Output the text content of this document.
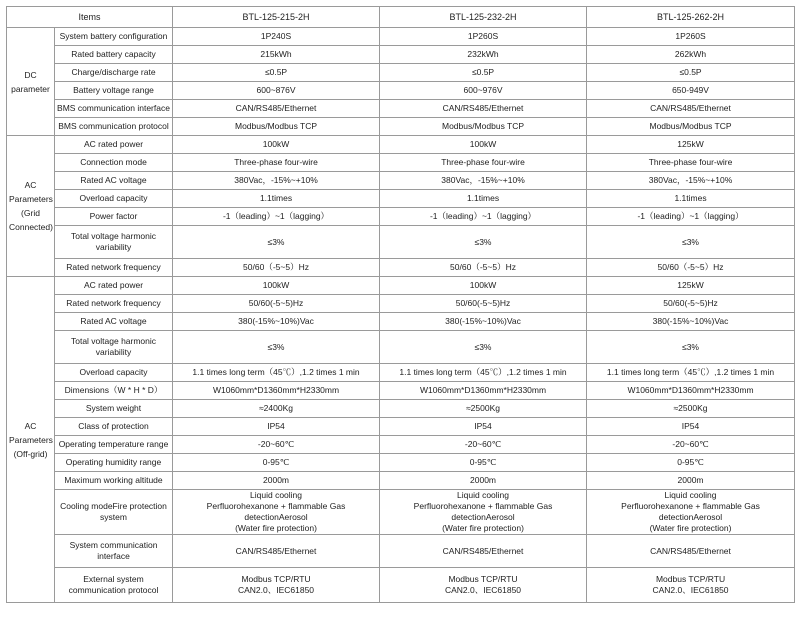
Items		BTL-125-215-2H	BTL-125-232-2H	BTL-125-262-2H

DC
parameter	System battery configuration	1P240S	1P260S	1P260S

	Rated battery capacity	215kWh	232kWh	262kWh

	Charge/discharge rate	≤0.5P	≤0.5P	≤0.5P

	Battery voltage range	600~876V	600~976V	650-949V

	BMS communication interface	CAN/RS485/Ethernet	CAN/RS485/Ethernet	CAN/RS485/Ethernet

	BMS communication protocol	Modbus/Modbus TCP	Modbus/Modbus TCP	Modbus/Modbus TCP

AC
Parameters
(Grid
Connected)	AC rated power	100kW	100kW	125kW

	Connection mode	Three-phase four-wire	Three-phase four-wire	Three-phase four-wire

	Rated AC voltage	380Vac，-15%~+10%	380Vac，-15%~+10%	380Vac，-15%~+10%

	Overload capacity	1.1times	1.1times	1.1times

	Power factor	-1（leading）~1（lagging）	-1（leading）~1（lagging）	-1（leading）~1（lagging）

	Total voltage harmonic
variability	≤3%	≤3%	≤3%

	Rated network frequency	50/60（-5~5）Hz	50/60（-5~5）Hz	50/60（-5~5）Hz

AC
Parameters
(Off-grid)	AC rated power	100kW	100kW	125kW

	Rated network frequency	50/60(-5~5)Hz	50/60(-5~5)Hz	50/60(-5~5)Hz

	Rated AC voltage	380(-15%~10%)Vac	380(-15%~10%)Vac	380(-15%~10%)Vac

	Total voltage harmonic
variability	≤3%	≤3%	≤3%

	Overload capacity	1.1 times long term（45℃）,1.2 times 1 min	1.1 times long term（45℃）,1.2 times 1 min	1.1 times long term（45℃）,1.2 times 1 min

	Dimensions（W * H * D）	W1060mm*D1360mm*H2330mm	W1060mm*D1360mm*H2330mm	W1060mm*D1360mm*H2330mm

	System weight	≈2400Kg	≈2500Kg	≈2500Kg

	Class of protection	IP54	IP54	IP54

	Operating temperature range	-20~60℃	-20~60℃	-20~60℃

	Operating humidity range	0-95℃	0-95℃	0-95℃

	Maximum working altitude	2000m	2000m	2000m

	Cooling modeFire protection
system	Liquid cooling
Perfluorohexanone + flammable Gas detectionAerosol
(Water fire protection)	Liquid cooling
Perfluorohexanone + flammable Gas detectionAerosol
(Water fire protection)	Liquid cooling
Perfluorohexanone + flammable Gas detectionAerosol
(Water fire protection)

	System communication
interface	CAN/RS485/Ethernet	CAN/RS485/Ethernet	CAN/RS485/Ethernet

	External system
communication protocol	Modbus TCP/RTU
CAN2.0、IEC61850	Modbus TCP/RTU
CAN2.0、IEC61850	Modbus TCP/RTU
CAN2.0、IEC61850
